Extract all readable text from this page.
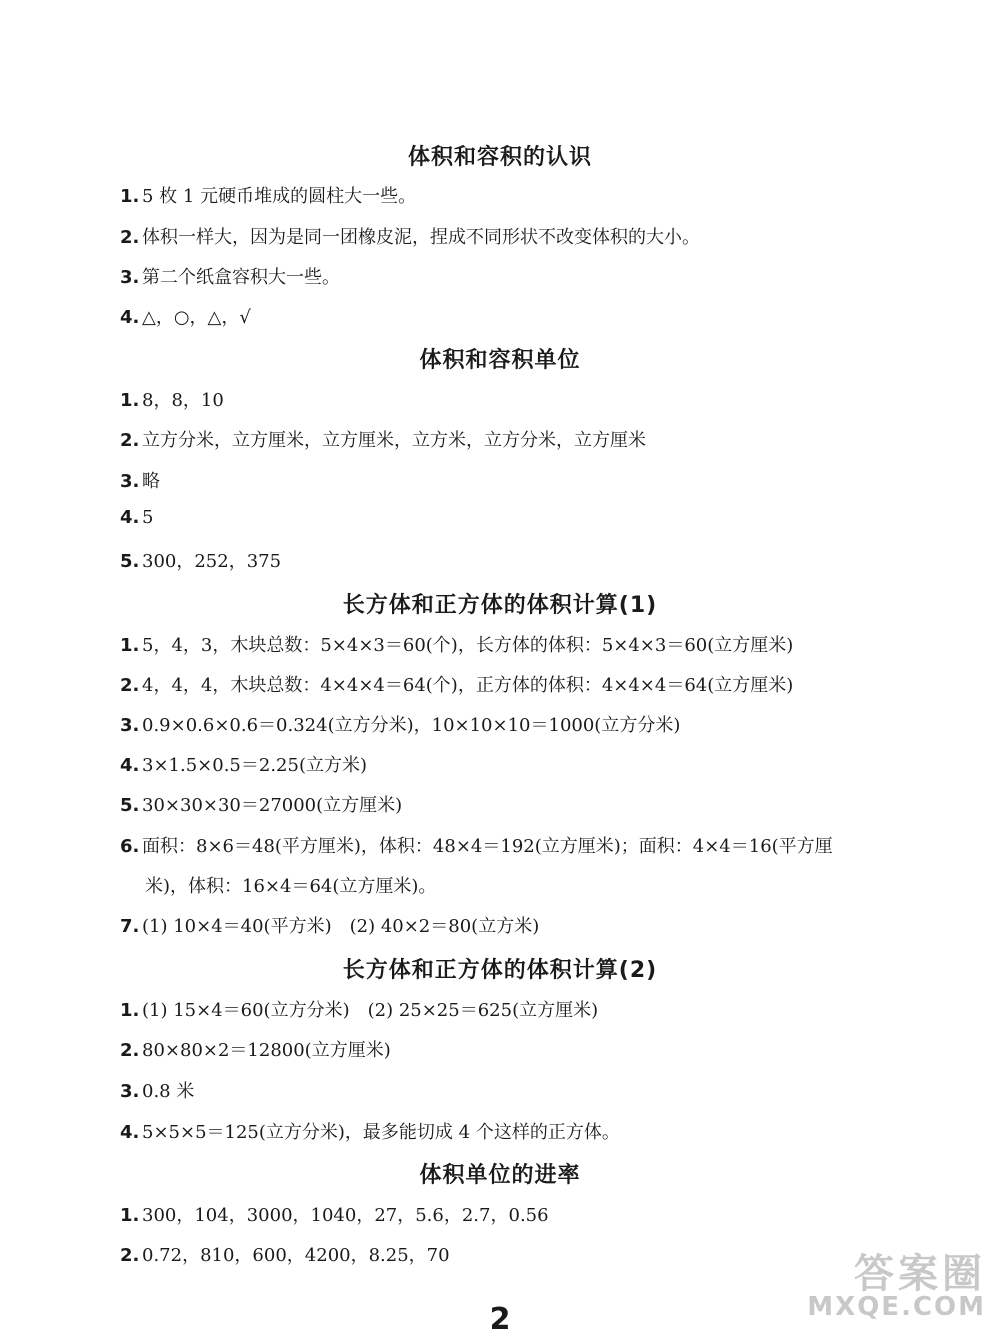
体积和容积的认识
1. 5 枚 1 元硬币堆成的圆柱大一些。
2. 体积一样大，因为是同一团橡皮泥，捏成不同形状不改变体积的大小。
3. 第二个纸盒容积大一些。
4. △，○，△，√
体积和容积单位
1. 8，8，10
2. 立方分米，立方厘米，立方厘米，立方米，立方分米，立方厘米
3. 略
4. 5
5. 300，252，375
长方体和正方体的体积计算(1)
1. 5，4，3，木块总数：5×4×3＝60(个)，长方体的体积：5×4×3＝60(立方厘米)
2. 4，4，4，木块总数：4×4×4＝64(个)，正方体的体积：4×4×4＝64(立方厘米)
3. 0.9×0.6×0.6＝0.324(立方分米)，10×10×10＝1000(立方分米)
4. 3×1.5×0.5＝2.25(立方米)
5. 30×30×30＝27000(立方厘米)
6. 面积：8×6＝48(平方厘米)，体积：48×4＝192(立方厘米)；面积：4×4＝16(平方厘
米)，体积：16×4＝64(立方厘米)。
7. (1) 10×4＝40(平方米)　(2) 40×2＝80(立方米)
长方体和正方体的体积计算(2)
1. (1) 15×4＝60(立方分米)　(2) 25×25＝625(立方厘米)
2. 80×80×2＝12800(立方厘米)
3. 0.8 米
4. 5×5×5＝125(立方分米)，最多能切成 4 个这样的正方体。
体积单位的进率
1. 300，104，3000，1040，27，5.6，2.7，0.56
2. 0.72，810，600，4200，8.25，70	答案圈
MXQE.COM
2
